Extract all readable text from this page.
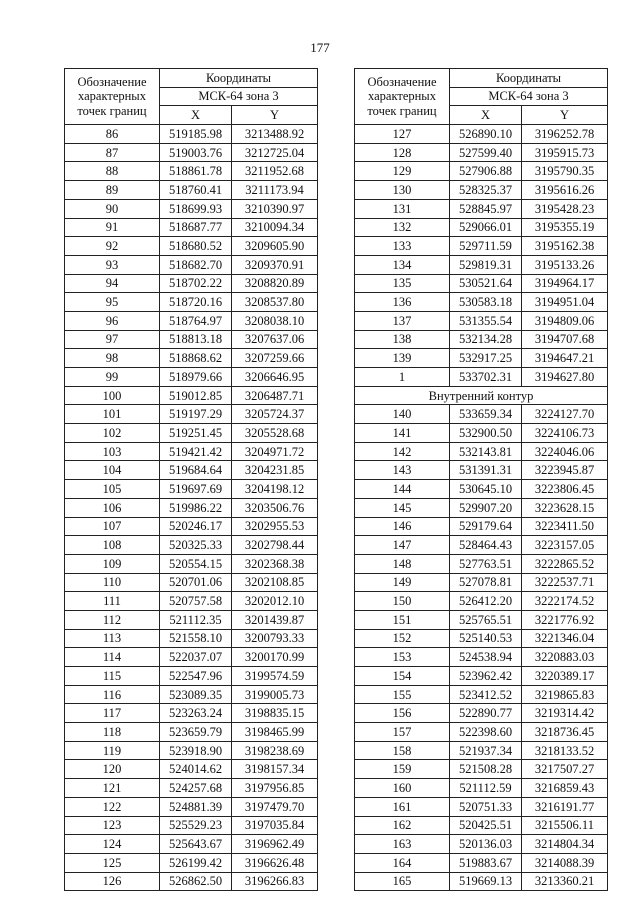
177
Обозначение
характерных
точек границ	Координаты	
	МСК-64 зона 3	
	X	Y
86	519185.98	3213488.92
87	519003.76	3212725.04
88	518861.78	3211952.68
89	518760.41	3211173.94
90	518699.93	3210390.97
91	518687.77	3210094.34
92	518680.52	3209605.90
93	518682.70	3209370.91
94	518702.22	3208820.89
95	518720.16	3208537.80
96	518764.97	3208038.10
97	518813.18	3207637.06
98	518868.62	3207259.66
99	518979.66	3206646.95
100	519012.85	3206487.71
101	519197.29	3205724.37
102	519251.45	3205528.68
103	519421.42	3204971.72
104	519684.64	3204231.85
105	519697.69	3204198.12
106	519986.22	3203506.76
107	520246.17	3202955.53
108	520325.33	3202798.44
109	520554.15	3202368.38
110	520701.06	3202108.85
111	520757.58	3202012.10
112	521112.35	3201439.87
113	521558.10	3200793.33
114	522037.07	3200170.99
115	522547.96	3199574.59
116	523089.35	3199005.73
117	523263.24	3198835.15
118	523659.79	3198465.99
119	523918.90	3198238.69
120	524014.62	3198157.34
121	524257.68	3197956.85
122	524881.39	3197479.70
123	525529.23	3197035.84
124	525643.67	3196962.49
125	526199.42	3196626.48
126	526862.50	3196266.83
Обозначение
характерных
точек границ	Координаты	
	МСК-64 зона 3	
	X	Y
127	526890.10	3196252.78
128	527599.40	3195915.73
129	527906.88	3195790.35
130	528325.37	3195616.26
131	528845.97	3195428.23
132	529066.01	3195355.19
133	529711.59	3195162.38
134	529819.31	3195133.26
135	530521.64	3194964.17
136	530583.18	3194951.04
137	531355.54	3194809.06
138	532134.28	3194707.68
139	532917.25	3194647.21
1	533702.31	3194627.80
Внутренний контур		
140	533659.34	3224127.70
141	532900.50	3224106.73
142	532143.81	3224046.06
143	531391.31	3223945.87
144	530645.10	3223806.45
145	529907.20	3223628.15
146	529179.64	3223411.50
147	528464.43	3223157.05
148	527763.51	3222865.52
149	527078.81	3222537.71
150	526412.20	3222174.52
151	525765.51	3221776.92
152	525140.53	3221346.04
153	524538.94	3220883.03
154	523962.42	3220389.17
155	523412.52	3219865.83
156	522890.77	3219314.42
157	522398.60	3218736.45
158	521937.34	3218133.52
159	521508.28	3217507.27
160	521112.59	3216859.43
161	520751.33	3216191.77
162	520425.51	3215506.11
163	520136.03	3214804.34
164	519883.67	3214088.39
165	519669.13	3213360.21
